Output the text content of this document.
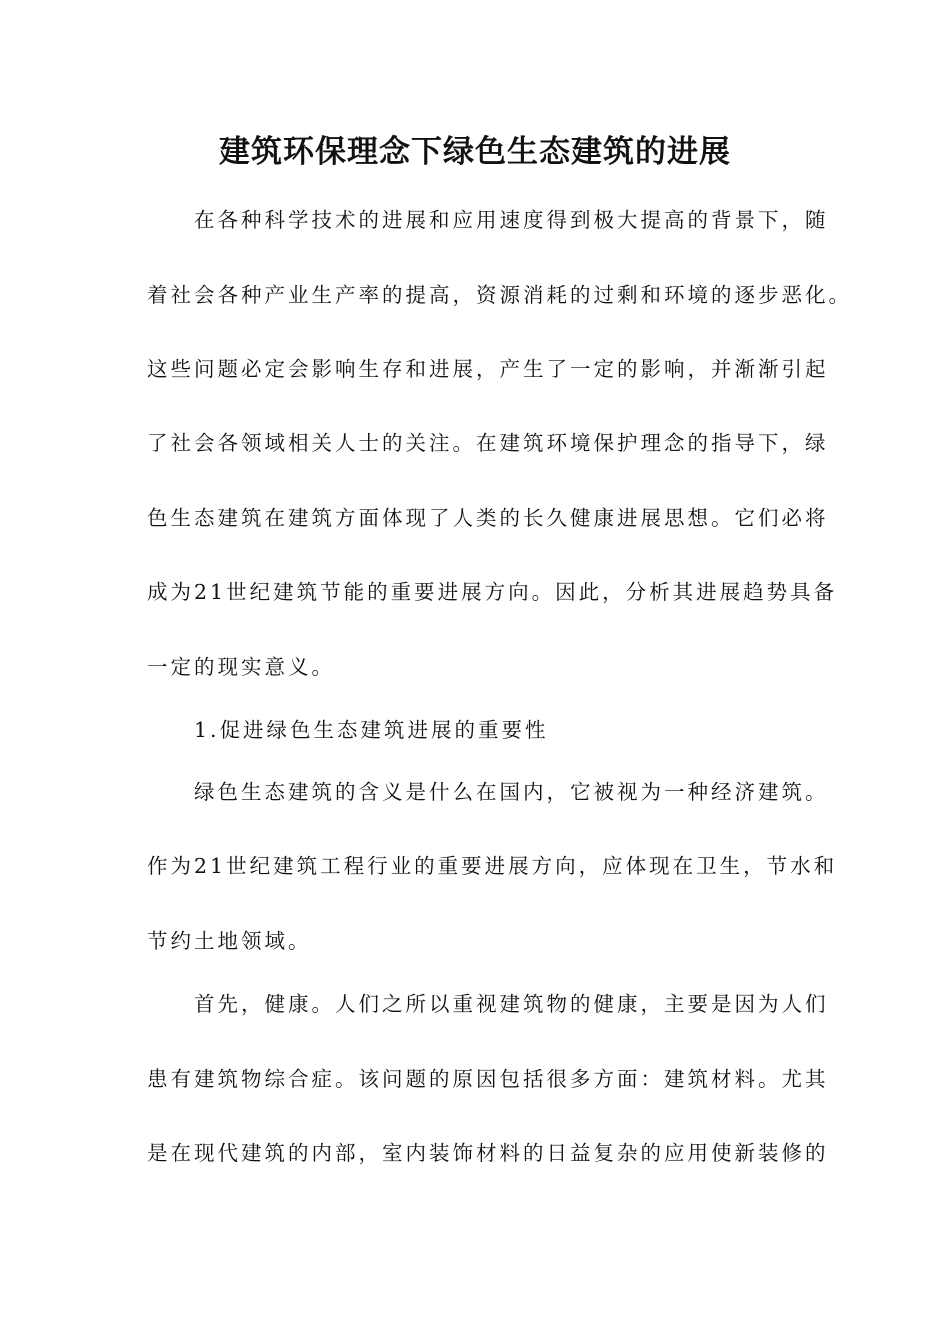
建筑环保理念下绿色生态建筑的进展

在各种科学技术的进展和应用速度得到极大提高的背景下，随

着社会各种产业生产率的提高，资源消耗的过剩和环境的逐步恶化。

这些问题必定会影响生存和进展，产生了一定的影响，并渐渐引起

了社会各领域相关人士的关注。在建筑环境保护理念的指导下，绿

色生态建筑在建筑方面体现了人类的长久健康进展思想。它们必将

成为21世纪建筑节能的重要进展方向。因此，分析其进展趋势具备

一定的现实意义。

1.促进绿色生态建筑进展的重要性

绿色生态建筑的含义是什么在国内，它被视为一种经济建筑。

作为21世纪建筑工程行业的重要进展方向，应体现在卫生，节水和

节约土地领域。

首先，健康。人们之所以重视建筑物的健康，主要是因为人们

患有建筑物综合症。该问题的原因包括很多方面：建筑材料。尤其

是在现代建筑的内部，室内装饰材料的日益复杂的应用使新装修的
